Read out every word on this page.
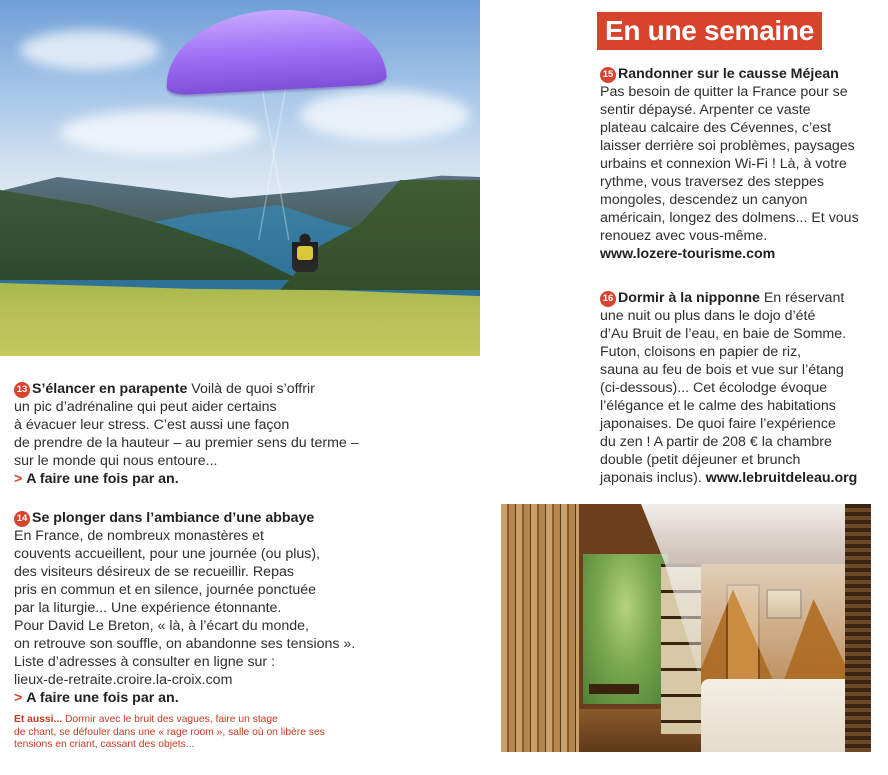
En une semaine
13 S’élancer en parapente Voilà de quoi s’offrir
un pic d’adrénaline qui peut aider certains
à évacuer leur stress. C’est aussi une façon
de prendre de la hauteur – au premier sens du terme –
sur le monde qui nous entoure...
> A faire une fois par an.
14 Se plonger dans l’ambiance d’une abbaye
En France, de nombreux monastères et
couvents accueillent, pour une journée (ou plus),
des visiteurs désireux de se recueillir. Repas
pris en commun et en silence, journée ponctuée
par la liturgie... Une expérience étonnante.
Pour David Le Breton, « là, à l’écart du monde,
on retrouve son souffle, on abandonne ses tensions ».
Liste d’adresses à consulter en ligne sur :
lieux-de-retraite.croire.la-croix.com
> A faire une fois par an.
Et aussi... Dormir avec le bruit des vagues, faire un stage
de chant, se défouler dans une « rage room », salle où on libère ses
tensions en criant, cassant des objets...
15 Randonner sur le causse Méjean
Pas besoin de quitter la France pour se
sentir dépaysé. Arpenter ce vaste
plateau calcaire des Cévennes, c’est
laisser derrière soi problèmes, paysages
urbains et connexion Wi-Fi ! Là, à votre
rythme, vous traversez des steppes
mongoles, descendez un canyon
américain, longez des dolmens... Et vous
renouez avec vous-même.
www.lozere-tourisme.com
16 Dormir à la nipponne En réservant
une nuit ou plus dans le dojo d’été
d’Au Bruit de l’eau, en baie de Somme.
Futon, cloisons en papier de riz,
sauna au feu de bois et vue sur l’étang
(ci-dessous)... Cet écolodge évoque
l’élégance et le calme des habitations
japonaises. De quoi faire l’expérience
du zen ! A partir de 208 € la chambre
double (petit déjeuner et brunch
japonais inclus). www.lebruitdeleau.org
